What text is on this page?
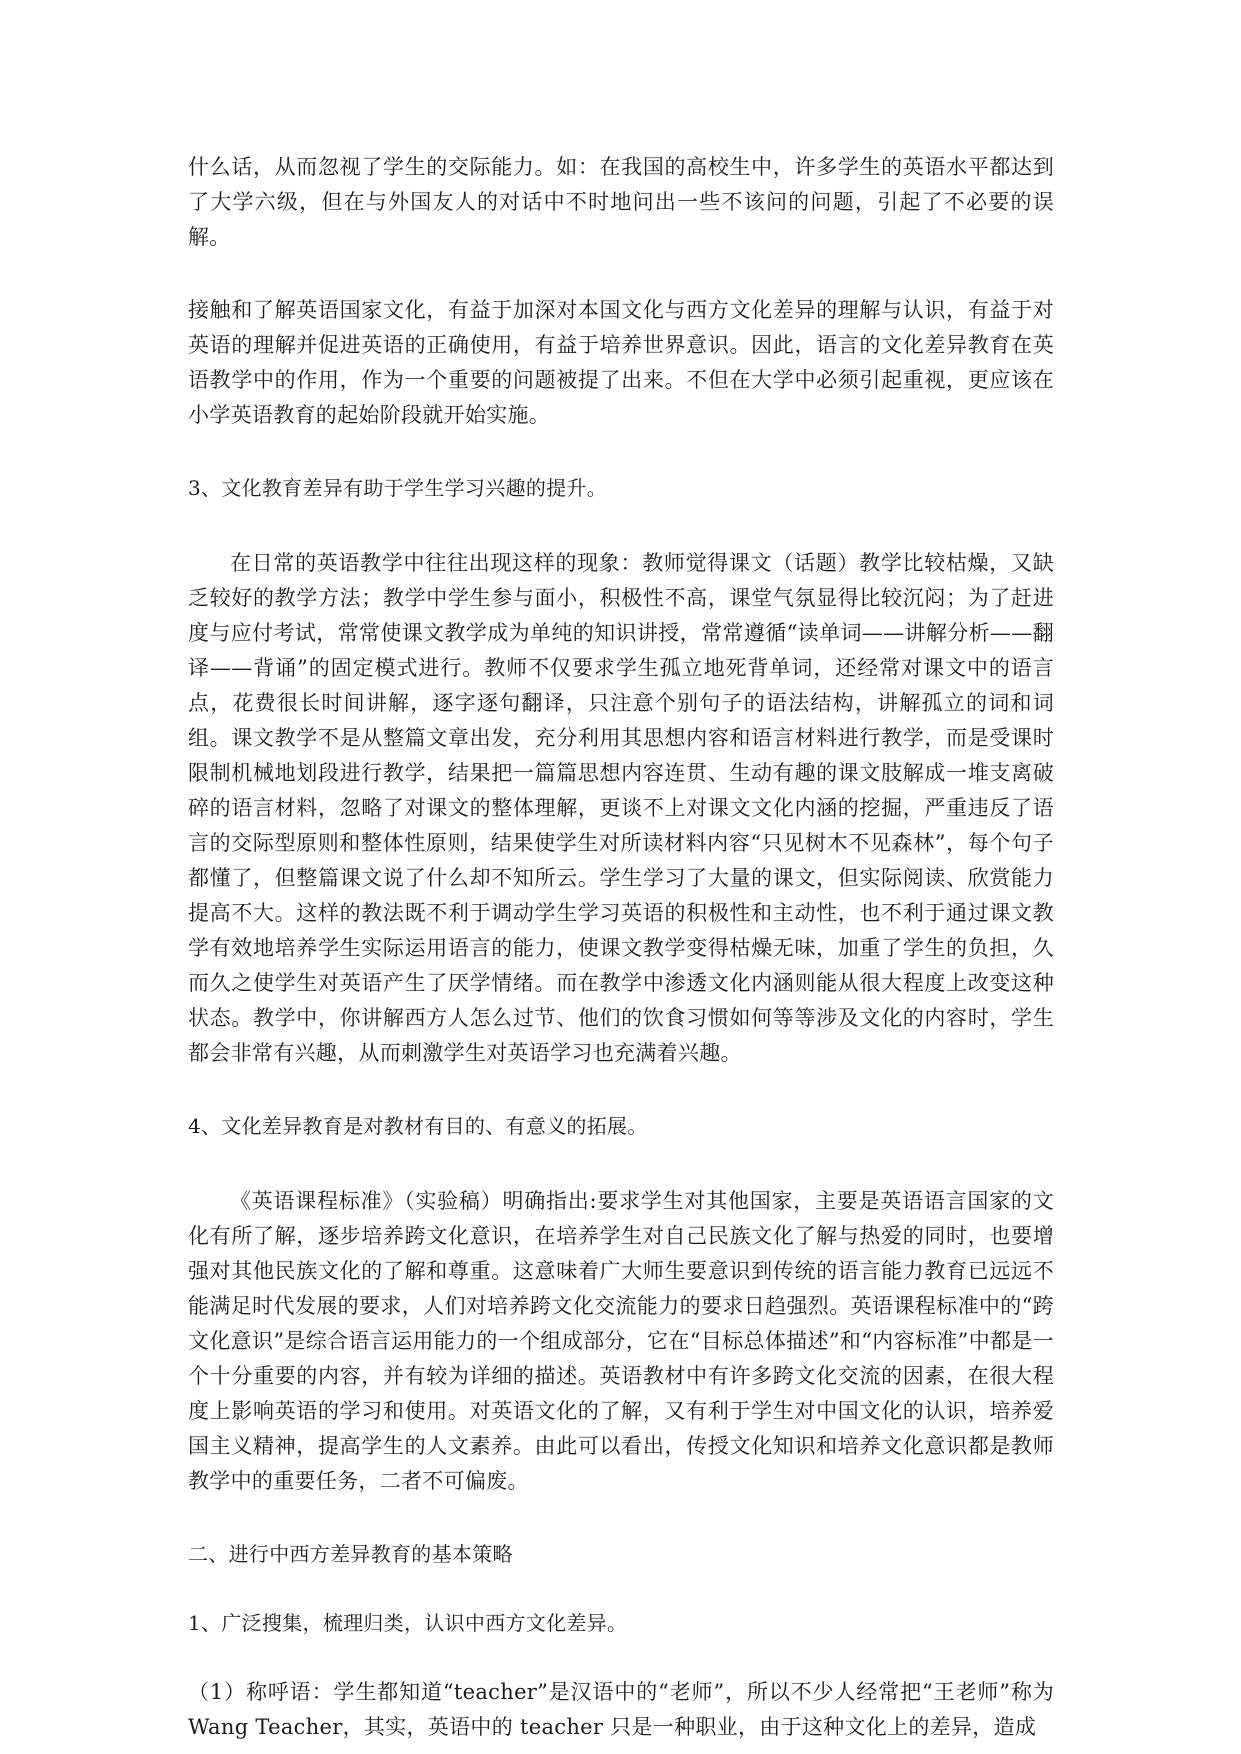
什么话，从而忽视了学生的交际能力。如：在我国的高校生中，许多学生的英语水平都达到了大学六级，但在与外国友人的对话中不时地问出一些不该问的问题，引起了不必要的误解。

接触和了解英语国家文化，有益于加深对本国文化与西方文化差异的理解与认识，有益于对英语的理解并促进英语的正确使用，有益于培养世界意识。因此，语言的文化差异教育在英语教学中的作用，作为一个重要的问题被提了出来。不但在大学中必须引起重视，更应该在小学英语教育的起始阶段就开始实施。

3、文化教育差异有助于学生学习兴趣的提升。

在日常的英语教学中往往出现这样的现象：教师觉得课文（话题）教学比较枯燥，又缺乏较好的教学方法；教学中学生参与面小，积极性不高，课堂气氛显得比较沉闷；为了赶进度与应付考试，常常使课文教学成为单纯的知识讲授，常常遵循“读单词——讲解分析——翻译——背诵”的固定模式进行。教师不仅要求学生孤立地死背单词，还经常对课文中的语言点，花费很长时间讲解，逐字逐句翻译，只注意个别句子的语法结构，讲解孤立的词和词组。课文教学不是从整篇文章出发，充分利用其思想内容和语言材料进行教学，而是受课时限制机械地划段进行教学，结果把一篇篇思想内容连贯、生动有趣的课文肢解成一堆支离破碎的语言材料，忽略了对课文的整体理解，更谈不上对课文文化内涵的挖掘，严重违反了语言的交际型原则和整体性原则，结果使学生对所读材料内容“只见树木不见森林”，每个句子都懂了，但整篇课文说了什么却不知所云。学生学习了大量的课文，但实际阅读、欣赏能力提高不大。这样的教法既不利于调动学生学习英语的积极性和主动性，也不利于通过课文教学有效地培养学生实际运用语言的能力，使课文教学变得枯燥无味，加重了学生的负担，久而久之使学生对英语产生了厌学情绪。而在教学中渗透文化内涵则能从很大程度上改变这种状态。教学中，你讲解西方人怎么过节、他们的饮食习惯如何等等涉及文化的内容时，学生都会非常有兴趣，从而刺激学生对英语学习也充满着兴趣。

4、文化差异教育是对教材有目的、有意义的拓展。

《英语课程标准》（实验稿）明确指出:要求学生对其他国家，主要是英语语言国家的文化有所了解，逐步培养跨文化意识，在培养学生对自己民族文化了解与热爱的同时，也要增强对其他民族文化的了解和尊重。这意味着广大师生要意识到传统的语言能力教育已远远不能满足时代发展的要求，人们对培养跨文化交流能力的要求日趋强烈。英语课程标准中的“跨文化意识”是综合语言运用能力的一个组成部分，它在“目标总体描述”和“内容标准”中都是一个十分重要的内容，并有较为详细的描述。英语教材中有许多跨文化交流的因素，在很大程度上影响英语的学习和使用。对英语文化的了解，又有利于学生对中国文化的认识，培养爱国主义精神，提高学生的人文素养。由此可以看出，传授文化知识和培养文化意识都是教师教学中的重要任务，二者不可偏废。

二、进行中西方差异教育的基本策略

1、广泛搜集，梳理归类，认识中西方文化差异。

（1）称呼语：学生都知道“teacher”是汉语中的“老师”，所以不少人经常把“王老师”称为 Wang Teacher，其实，英语中的 teacher 只是一种职业，由于这种文化上的差异，造成
